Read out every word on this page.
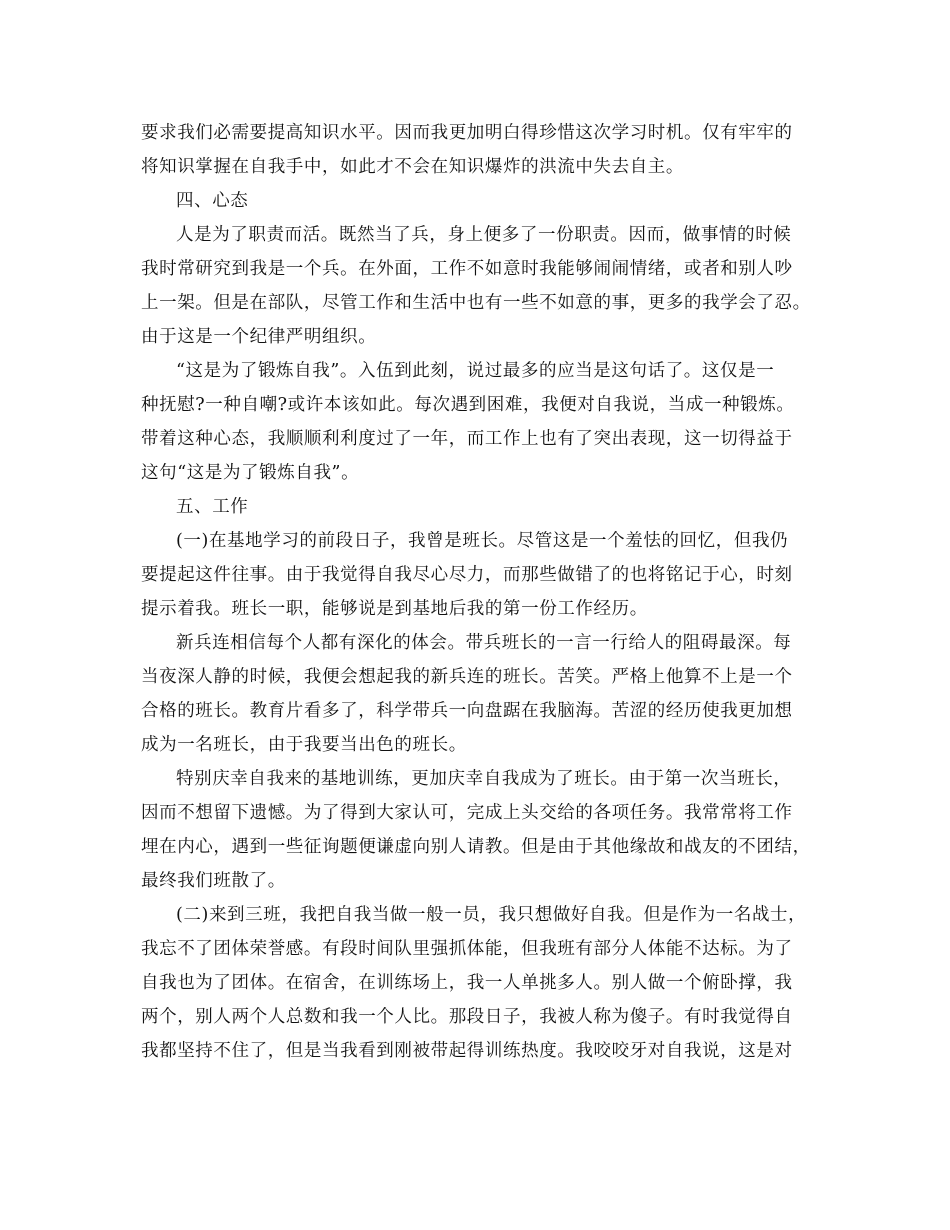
要求我们必需要提高知识水平。因而我更加明白得珍惜这次学习时机。仅有牢牢的
将知识掌握在自我手中，如此才不会在知识爆炸的洪流中失去自主。
四、心态
人是为了职责而活。既然当了兵，身上便多了一份职责。因而，做事情的时候
我时常研究到我是一个兵。在外面，工作不如意时我能够闹闹情绪，或者和别人吵
上一架。但是在部队，尽管工作和生活中也有一些不如意的事，更多的我学会了忍。
由于这是一个纪律严明组织。
“这是为了锻炼自我”。入伍到此刻，说过最多的应当是这句话了。这仅是一
种抚慰?一种自嘲?或许本该如此。每次遇到困难，我便对自我说，当成一种锻炼。
带着这种心态，我顺顺利利度过了一年，而工作上也有了突出表现，这一切得益于
这句“这是为了锻炼自我”。
五、工作
(一)在基地学习的前段日子，我曾是班长。尽管这是一个羞怯的回忆，但我仍
要提起这件往事。由于我觉得自我尽心尽力，而那些做错了的也将铭记于心，时刻
提示着我。班长一职，能够说是到基地后我的第一份工作经历。
新兵连相信每个人都有深化的体会。带兵班长的一言一行给人的阻碍最深。每
当夜深人静的时候，我便会想起我的新兵连的班长。苦笑。严格上他算不上是一个
合格的班长。教育片看多了，科学带兵一向盘踞在我脑海。苦涩的经历使我更加想
成为一名班长，由于我要当出色的班长。
特别庆幸自我来的基地训练，更加庆幸自我成为了班长。由于第一次当班长，
因而不想留下遗憾。为了得到大家认可，完成上头交给的各项任务。我常常将工作
埋在内心，遇到一些征询题便谦虚向别人请教。但是由于其他缘故和战友的不团结，
最终我们班散了。
(二)来到三班，我把自我当做一般一员，我只想做好自我。但是作为一名战士，
我忘不了团体荣誉感。有段时间队里强抓体能，但我班有部分人体能不达标。为了
自我也为了团体。在宿舍，在训练场上，我一人单挑多人。别人做一个俯卧撑，我
两个，别人两个人总数和我一个人比。那段日子，我被人称为傻子。有时我觉得自
我都坚持不住了，但是当我看到刚被带起得训练热度。我咬咬牙对自我说，这是对
